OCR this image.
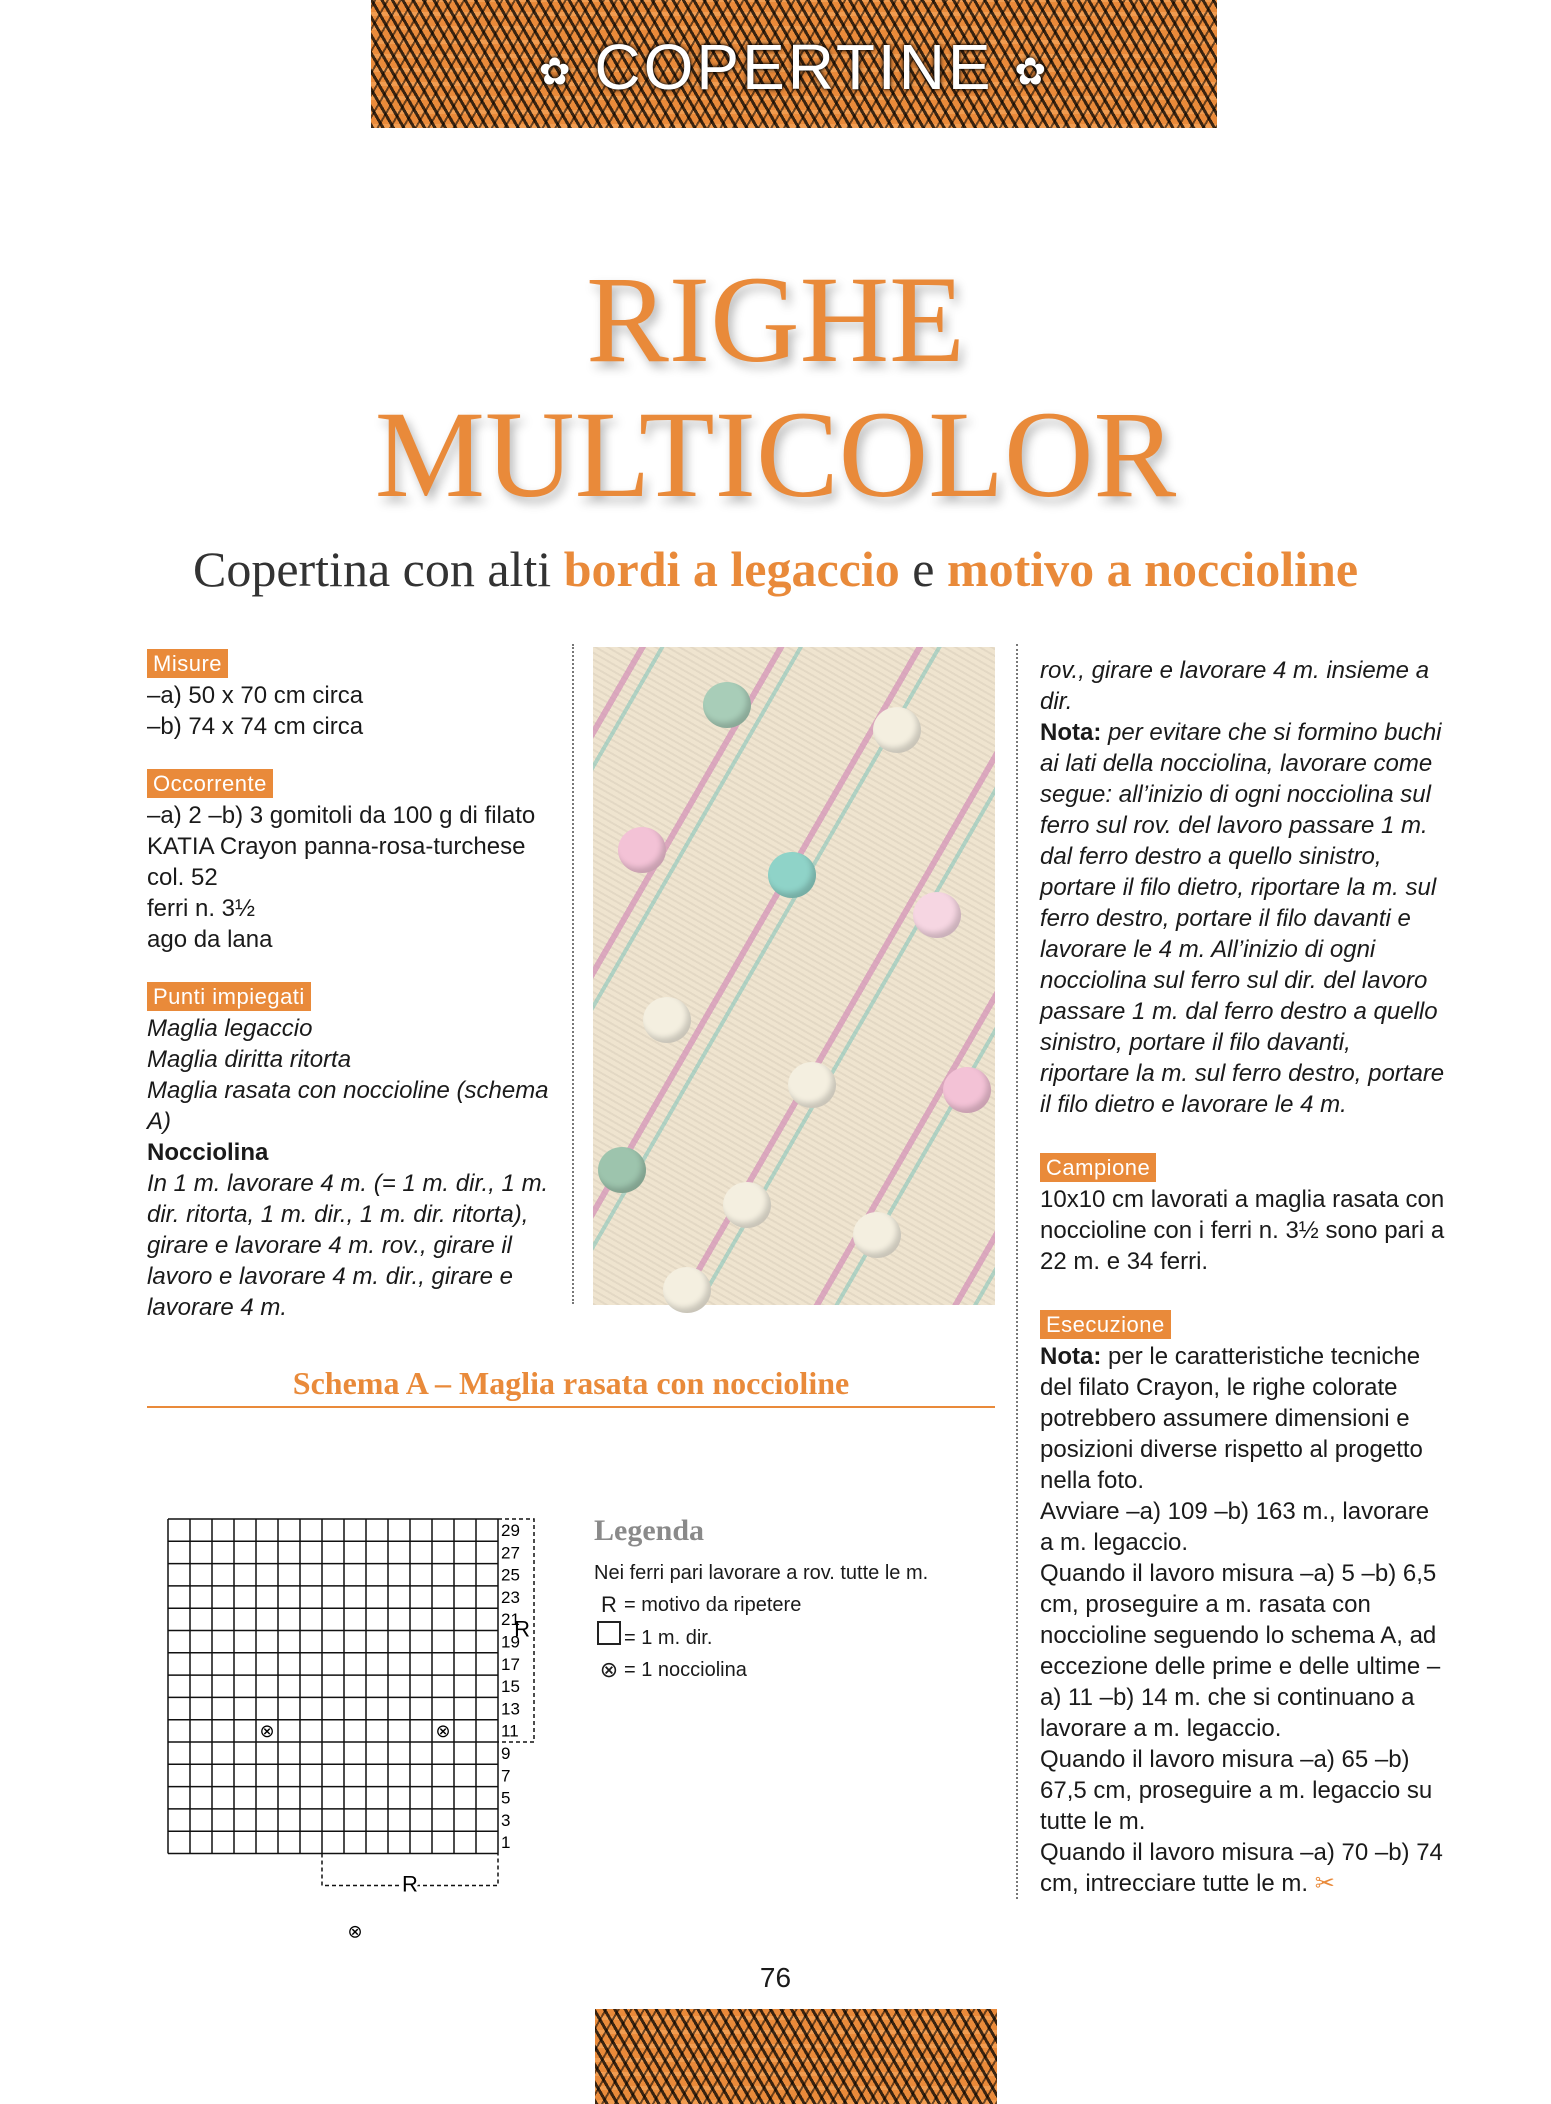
✿ COPERTINE ✿
RIGHE
MULTICOLOR
Copertina con alti bordi a legaccio e motivo a noccioline
Misure

–a) 50 x 70 cm circa

–b) 74 x 74 cm circa

Occorrente

–a) 2 –b) 3 gomitoli da 100 g di filato

KATIA Crayon panna-rosa-turchese

col. 52

ferri n. 3½

ago da lana

Punti impiegati

Maglia legaccio

Maglia diritta ritorta

Maglia rasata con noccioline (schema A)

Nocciolina

In 1 m. lavorare 4 m. (= 1 m. dir., 1 m. dir. ritorta, 1 m. dir., 1 m. dir. ritorta), girare e lavorare 4 m. rov., girare il lavoro e lavorare 4 m. dir., girare e lavorare 4 m.

rov., girare e lavorare 4 m. insieme a dir.

Nota: per evitare che si formino buchi ai lati della nocciolina, lavorare come segue: all’inizio di ogni nocciolina sul ferro sul rov. del lavoro passare 1 m. dal ferro destro a quello sinistro, portare il filo dietro, riportare la m. sul ferro destro, portare il filo davanti e lavorare le 4 m. All’inizio di ogni nocciolina sul ferro sul dir. del lavoro passare 1 m. dal ferro destro a quello sinistro, portare il filo davanti, riportare la m. sul ferro destro, portare il filo dietro e lavorare le 4 m.

Campione

10x10 cm lavorati a maglia rasata con noccioline con i ferri n. 3½ sono pari a 22 m. e 34 ferri.

Esecuzione

Nota: per le caratteristiche tecniche del filato Crayon, le righe colorate potrebbero assumere dimensioni e posizioni diverse rispetto al progetto nella foto.

Avviare –a) 109 –b) 163 m., lavorare a m. legaccio.

Quando il lavoro misura –a) 5 –b) 6,5 cm, proseguire a m. rasata con noccioline seguendo lo schema A, ad eccezione delle prime e delle ultime –a) 11 –b) 14 m. che si continuano a lavorare a m. legaccio.

Quando il lavoro misura –a) 65 –b) 67,5 cm, proseguire a m. legaccio su tutte le m.

Quando il lavoro misura –a) 70 –b) 74 cm, intrecciare tutte le m. ✂

Schema A – Maglia rasata con noccioline
29
27
25
23
21
19
17
15
13
11
9
7
5
3
1
⊗	⊗
⊗
R
R
Legenda
Nei ferri pari lavorare a rov. tutte le m.
R = motivo da ripetere
= 1 m. dir.
⊗ = 1 nocciolina
76
